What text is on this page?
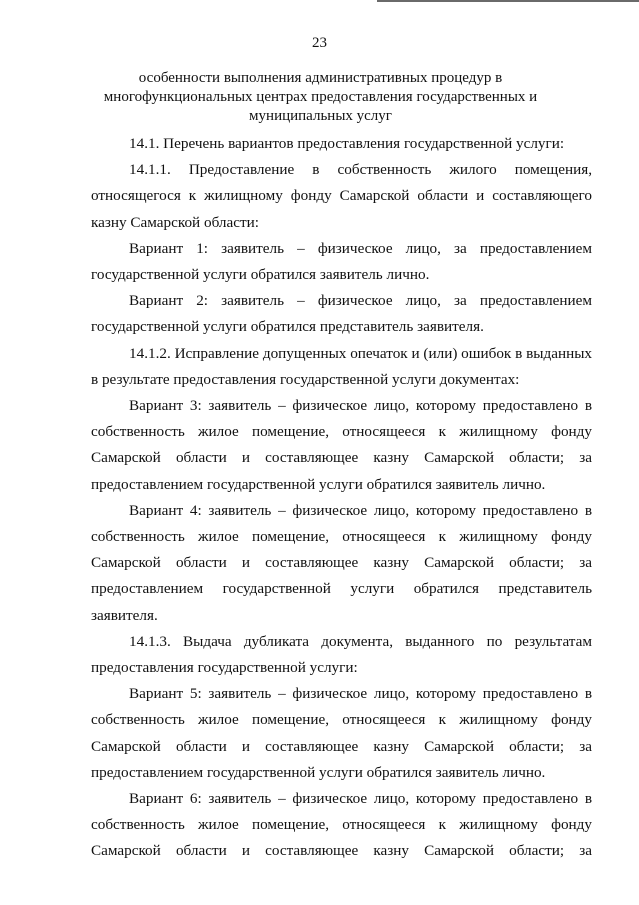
23
особенности выполнения административных процедур в многофункциональных центрах предоставления государственных и муниципальных услуг

14.1. Перечень вариантов предоставления государственной услуги:

14.1.1. Предоставление в собственность жилого помещения, относящегося к жилищному фонду Самарской области и составляющего казну Самарской области:

Вариант 1: заявитель – физическое лицо, за предоставлением государственной услуги обратился заявитель лично.

Вариант 2: заявитель – физическое лицо, за предоставлением государственной услуги обратился представитель заявителя.

14.1.2. Исправление допущенных опечаток и (или) ошибок в выданных в результате предоставления государственной услуги документах:

Вариант 3: заявитель – физическое лицо, которому предоставлено в собственность жилое помещение, относящееся к жилищному фонду Самарской области и составляющее казну Самарской области; за предоставлением государственной услуги обратился заявитель лично.

Вариант 4: заявитель – физическое лицо, которому предоставлено в собственность жилое помещение, относящееся к жилищному фонду Самарской области и составляющее казну Самарской области; за предоставлением государственной услуги обратился представитель заявителя.

14.1.3. Выдача дубликата документа, выданного по результатам предоставления государственной услуги:

Вариант 5: заявитель – физическое лицо, которому предоставлено в собственность жилое помещение, относящееся к жилищному фонду Самарской области и составляющее казну Самарской области; за предоставлением государственной услуги обратился заявитель лично.

Вариант 6: заявитель – физическое лицо, которому предоставлено в собственность жилое помещение, относящееся к жилищному фонду Самарской области и составляющее казну Самарской области; за
